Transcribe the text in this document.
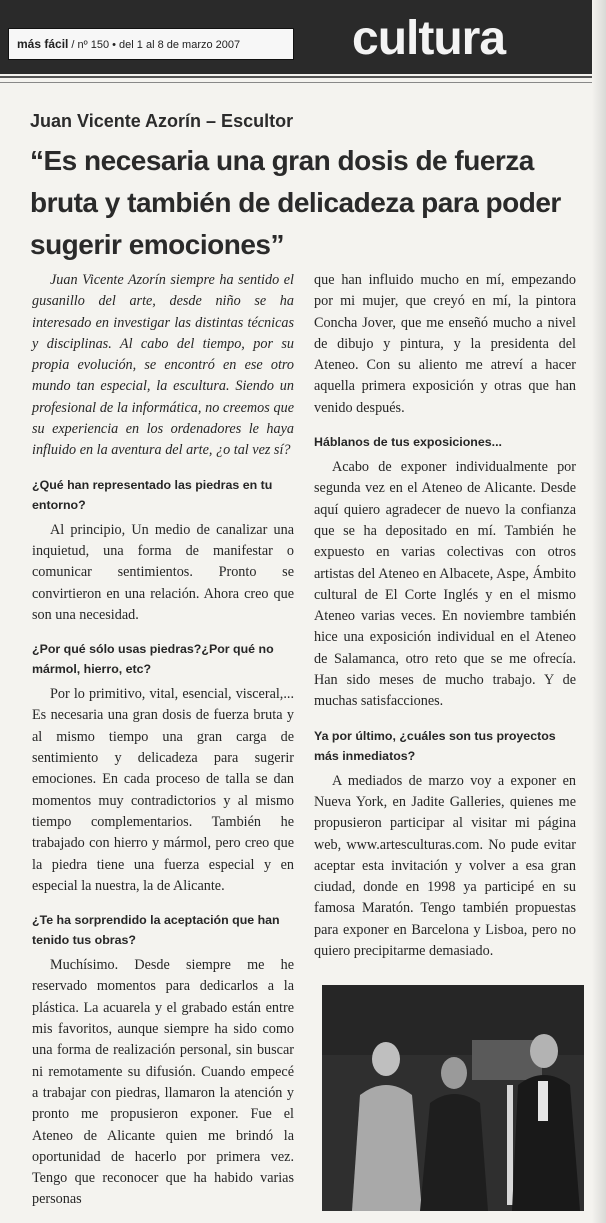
más fácil / nº 150 • del 1 al 8 de marzo 2007	cultura
Juan Vicente Azorín – Escultor
“Es necesaria una gran dosis de fuerza bruta y también de delicadeza para poder sugerir emociones”

Juan Vicente Azorín siempre ha sentido el gusanillo del arte, desde niño se ha interesado en investigar las distintas técnicas y disciplinas. Al cabo del tiempo, por su propia evolución, se encontró en ese otro mundo tan especial, la escultura. Siendo un profesional de la informática, no creemos que su experiencia en los ordenadores le haya influido en la aventura del arte, ¿o tal vez sí?

¿Qué han representado las piedras en tu entorno?

Al principio, Un medio de canalizar una inquietud, una forma de manifestar o comunicar sentimientos. Pronto se convirtieron en una relación. Ahora creo que son una necesidad.

¿Por qué sólo usas piedras?¿Por qué no mármol, hierro, etc?

Por lo primitivo, vital, esencial, visceral,... Es necesaria una gran dosis de fuerza bruta y al mismo tiempo una gran carga de sentimiento y delicadeza para sugerir emociones. En cada proceso de talla se dan momentos muy contradictorios y al mismo tiempo complementarios. También he trabajado con hierro y mármol, pero creo que la piedra tiene una fuerza especial y en especial la nuestra, la de Alicante.

¿Te ha sorprendido la aceptación que han tenido tus obras?

Muchísimo. Desde siempre me he reservado momentos para dedicarlos a la plástica. La acuarela y el grabado están entre mis favoritos, aunque siempre ha sido como una forma de realización personal, sin buscar ni remotamente su difusión. Cuando empecé a trabajar con piedras, llamaron la atención y pronto me propusieron exponer. Fue el Ateneo de Alicante quien me brindó la oportunidad de hacerlo por primera vez. Tengo que reconocer que ha habido varias personas

que han influido mucho en mí, empezando por mi mujer, que creyó en mí, la pintora Concha Jover, que me enseñó mucho a nivel de dibujo y pintura, y la presidenta del Ateneo. Con su aliento me atreví a hacer aquella primera exposición y otras que han venido después.

Háblanos de tus exposiciones...

Acabo de exponer individualmente por segunda vez en el Ateneo de Alicante. Desde aquí quiero agradecer de nuevo la confianza que se ha depositado en mí. También he expuesto en varias colectivas con otros artistas del Ateneo en Albacete, Aspe, Ámbito cultural de El Corte Inglés y en el mismo Ateneo varias veces. En noviembre también hice una exposición individual en el Ateneo de Salamanca, otro reto que se me ofrecía. Han sido meses de mucho trabajo. Y de muchas satisfacciones.

Ya por último, ¿cuáles son tus proyectos más inmediatos?

A mediados de marzo voy a exponer en Nueva York, en Jadite Galleries, quienes me propusieron participar al visitar mi página web, www.artesculturas.com. No pude evitar aceptar esta invitación y volver a esa gran ciudad, donde en 1998 ya participé en su famosa Maratón. Tengo también propuestas para exponer en Barcelona y Lisboa, pero no quiero precipitarme demasiado.
